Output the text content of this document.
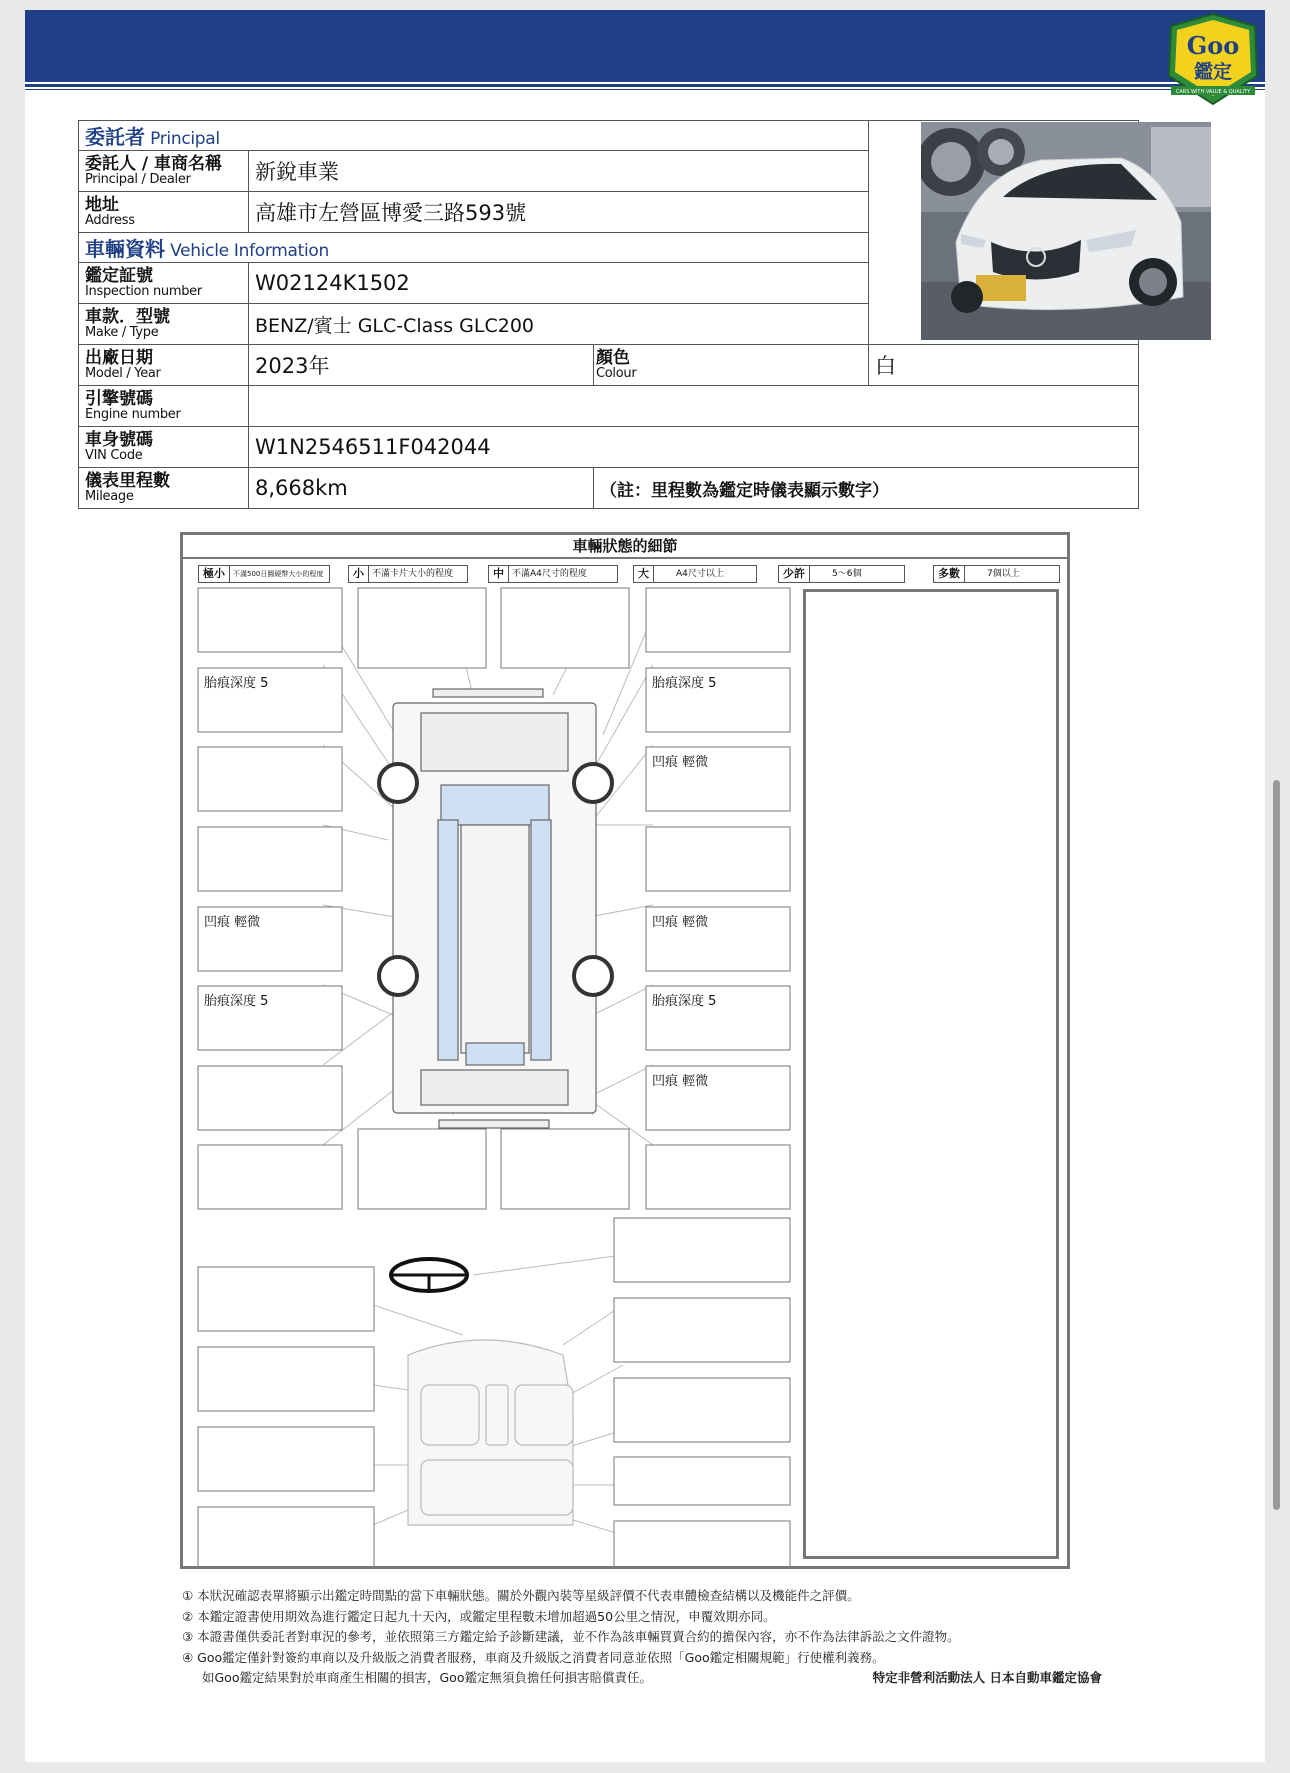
完整說明請詳洽其他頁次
Goo
鑑定
CARS WITH VALUE & QUALITY
委託者 Principal	

委託人 / 車商名稱
Principal / Dealer	新銳車業		

地址
Address	高雄市左營區博愛三路593號		
車輛資料 Vehicle Information			

鑑定証號
Inspection number	W02124K1502		

車款．型號
Make / Type	BENZ/賓士 GLC-Class GLC200		

出廠日期
Model / Year	2023年	顏色
Colour	白

引擎號碼
Engine number			

車身號碼
VIN Code	W1N2546511F042044		

儀表里程數
Mileage	8,668km	（註：里程數為鑑定時儀表顯示數字）	
車輛狀態的細節
極小	不滿500日圓硬幣大小的程度	小 不滿卡片大小的程度	中 不滿A4尺寸的程度	大	A4尺寸以上	少許	5〜6個	多數	7個以上
胎痕深度 5	胎痕深度 5
凹痕 輕微
凹痕 輕微	凹痕 輕微
胎痕深度 5	胎痕深度 5
凹痕 輕微
① 本狀況確認表單將顯示出鑑定時間點的當下車輛狀態。關於外觀內裝等星級評價不代表車體檢查結構以及機能件之評價。
② 本鑑定證書使用期效為進行鑑定日起九十天內，或鑑定里程數未增加超過50公里之情況，申覆效期亦同。
③ 本證書僅供委託者對車況的參考，並依照第三方鑑定給予診斷建議，並不作為該車輛買賣合約的擔保內容，亦不作為法律訴訟之文件證物。
④ Goo鑑定僅針對簽約車商以及升級版之消費者服務，車商及升級版之消費者同意並依照「Goo鑑定相關規範」行使權利義務。
如Goo鑑定結果對於車商產生相關的損害，Goo鑑定無須負擔任何損害賠償責任。	特定非營利活動法人 日本自動車鑑定協會
